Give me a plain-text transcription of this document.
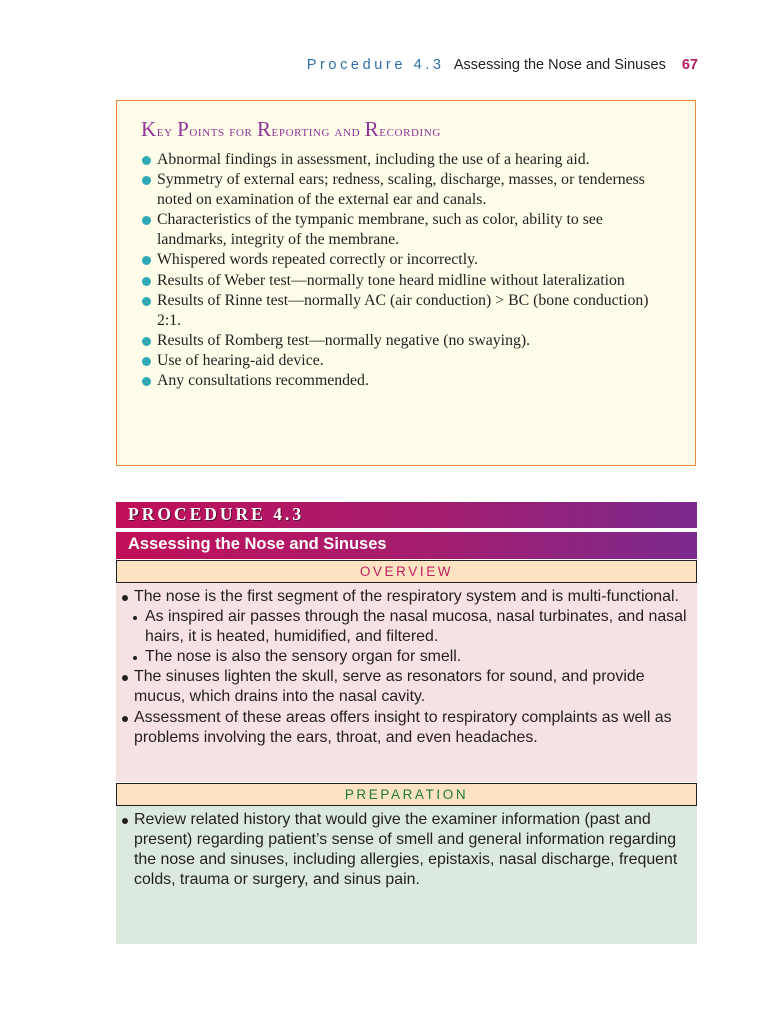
Procedure 4.3 Assessing the Nose and Sinuses 67
Key Points for Reporting and Recording
Abnormal findings in assessment, including the use of a hearing aid.
Symmetry of external ears; redness, scaling, discharge, masses, or tenderness noted on examination of the external ear and canals.
Characteristics of the tympanic membrane, such as color, ability to see landmarks, integrity of the membrane.
Whispered words repeated correctly or incorrectly.
Results of Weber test—normally tone heard midline without lateralization
Results of Rinne test—normally AC (air conduction) > BC (bone conduction) 2:1.
Results of Romberg test—normally negative (no swaying).
Use of hearing-aid device.
Any consultations recommended.
PROCEDURE 4.3
Assessing the Nose and Sinuses
OVERVIEW
The nose is the first segment of the respiratory system and is multi-functional.
As inspired air passes through the nasal mucosa, nasal turbinates, and nasal hairs, it is heated, humidified, and filtered.
The nose is also the sensory organ for smell.
The sinuses lighten the skull, serve as resonators for sound, and provide mucus, which drains into the nasal cavity.
Assessment of these areas offers insight to respiratory complaints as well as problems involving the ears, throat, and even headaches.
PREPARATION
Review related history that would give the examiner information (past and present) regarding patient’s sense of smell and general information regarding the nose and sinuses, including allergies, epistaxis, nasal discharge, frequent colds, trauma or surgery, and sinus pain.
